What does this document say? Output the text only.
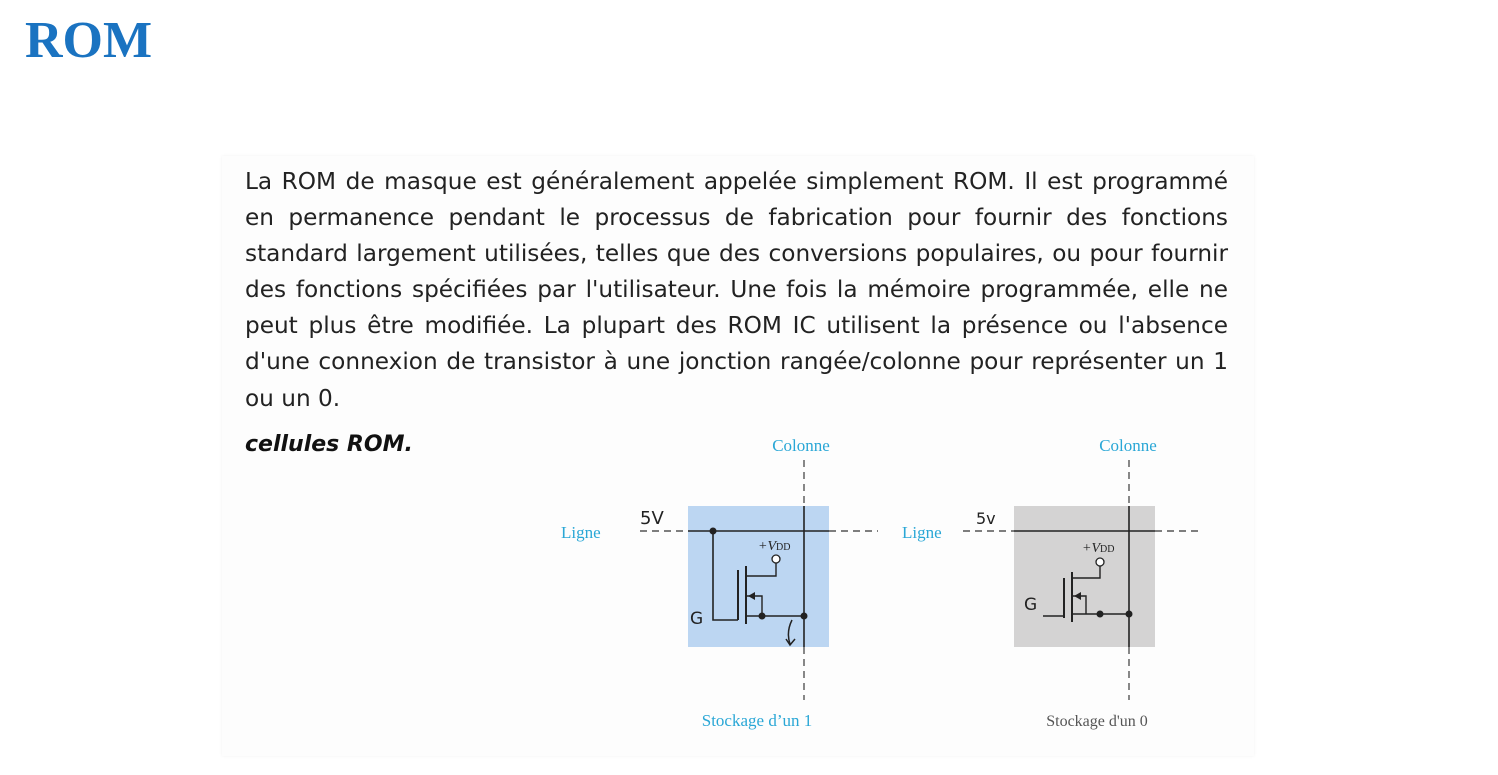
ROM

La ROM de masque est généralement appelée simplement ROM. Il est programmé en permanence pendant le processus de fabrication pour fournir des fonctions standard largement utilisées, telles que des conversions populaires, ou pour fournir des fonctions spécifiées par l'utilisateur. Une fois la mémoire programmée, elle ne peut plus être modifiée. La plupart des ROM IC utilisent la présence ou l'absence d'une connexion de transistor à une jonction rangée/colonne pour représenter un 1 ou un 0.

cellules ROM.	Colonne
Ligne
5V
+VDD
G
Stockage d’un 1
Colonne
Ligne
5v
+VDD
G
Stockage d'un 0
